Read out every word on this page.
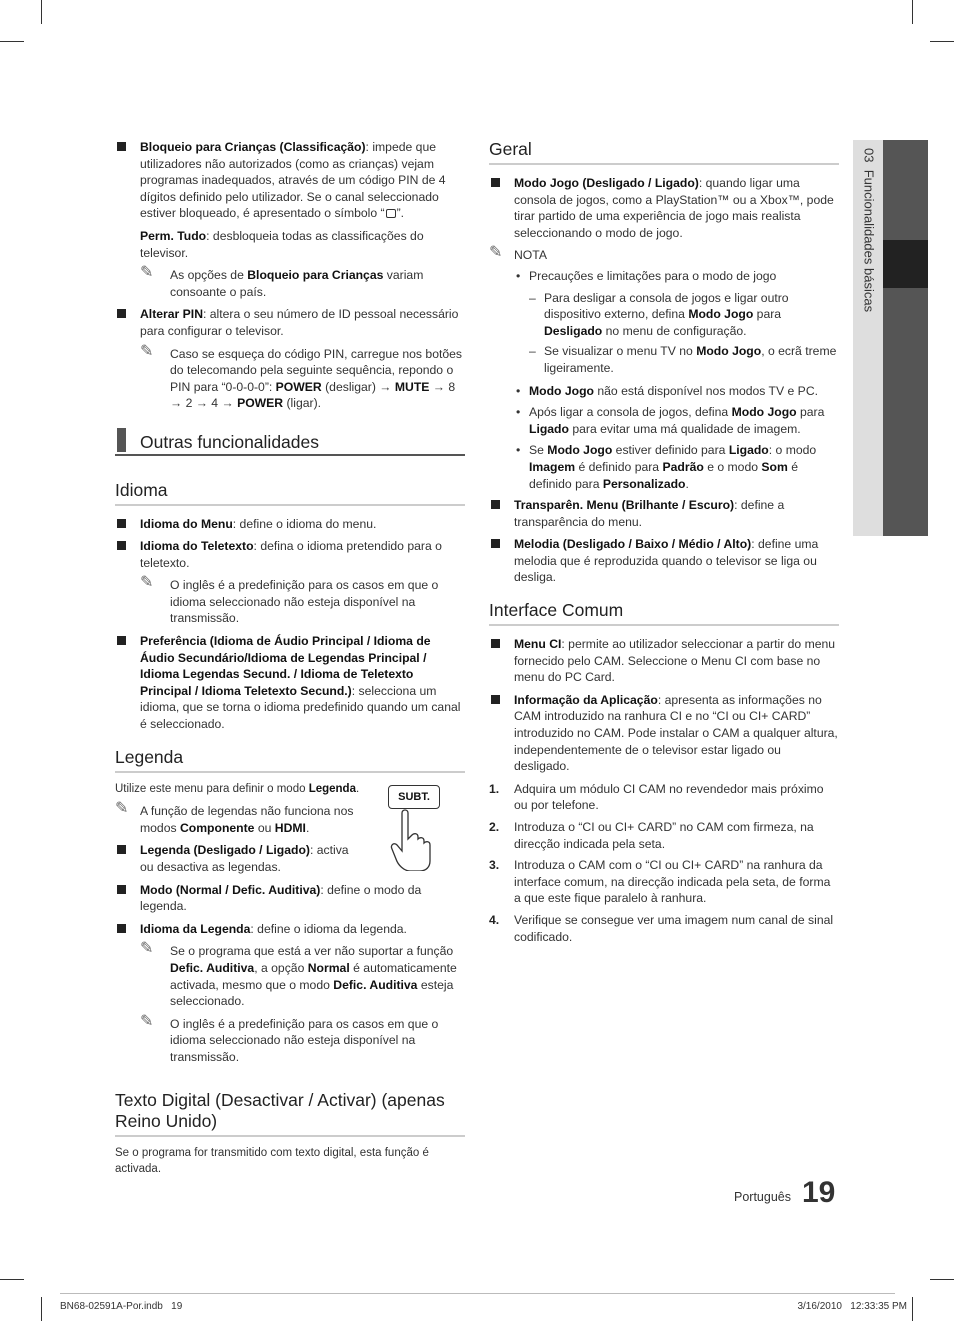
03  Funcionalidades básicas
Bloqueio para Crianças (Classificação): impede que utilizadores não autorizados (como as crianças) vejam programas inadequados, através de um código PIN de 4 dígitos definido pelo utilizador. Se o canal seleccionado estiver bloqueado, é apresentado o símbolo “ ”.
Perm. Tudo: desbloqueia todas as classificações do televisor.
✎ As opções de Bloqueio para Crianças variam consoante o país.
Alterar PIN: altera o seu número de ID pessoal necessário para configurar o televisor.
✎ Caso se esqueça do código PIN, carregue nos botões do telecomando pela seguinte sequência, repondo o PIN para “0-0-0-0”: POWER (desligar) → MUTE → 8 → 2 → 4 → POWER (ligar).
Outras funcionalidades
Idioma
Idioma do Menu: define o idioma do menu.
Idioma do Teletexto: defina o idioma pretendido para o teletexto.
✎ O inglês é a predefinição para os casos em que o idioma seleccionado não esteja disponível na transmissão.
Preferência (Idioma de Áudio Principal / Idioma de Áudio Secundário/Idioma de Legendas Principal / Idioma Legendas Secund. / Idioma de Teletexto Principal / Idioma Teletexto Secund.): selecciona um idioma, que se torna o idioma predefinido quando um canal é seleccionado.
Legenda
SUBT.
Utilize este menu para definir o modo Legenda.
✎ A função de legendas não funciona nos modos Componente ou HDMI.
Legenda (Desligado / Ligado): activa ou desactiva as legendas.
Modo (Normal / Defic. Auditiva): define o modo da legenda.
Idioma da Legenda: define o idioma da legenda.
✎ Se o programa que está a ver não suportar a função Defic. Auditiva, a opção Normal é automaticamente activada, mesmo que o modo Defic. Auditiva esteja seleccionado.
✎ O inglês é a predefinição para os casos em que o idioma seleccionado não esteja disponível na transmissão.
Texto Digital (Desactivar / Activar) (apenas Reino Unido)
Se o programa for transmitido com texto digital, esta função é activada.
Geral
Modo Jogo (Desligado / Ligado): quando ligar uma consola de jogos, como a PlayStation™ ou a Xbox™, pode tirar partido de uma experiência de jogo mais realista seleccionando o modo de jogo.
✎ NOTA
• Precauções e limitações para o modo de jogo
– Para desligar a consola de jogos e ligar outro dispositivo externo, defina Modo Jogo para Desligado no menu de configuração.
– Se visualizar o menu TV no Modo Jogo, o ecrã treme ligeiramente.
• Modo Jogo não está disponível nos modos TV e PC.
• Após ligar a consola de jogos, defina Modo Jogo para Ligado para evitar uma má qualidade de imagem.
• Se Modo Jogo estiver definido para Ligado: o modo Imagem é definido para Padrão e o modo Som é definido para Personalizado.
Transparên. Menu (Brilhante / Escuro): define a transparência do menu.
Melodia (Desligado / Baixo / Médio / Alto): define uma melodia que é reproduzida quando o televisor se liga ou desliga.
Interface Comum
Menu CI: permite ao utilizador seleccionar a partir do menu fornecido pelo CAM. Seleccione o Menu CI com base no menu do PC Card.
Informação da Aplicação: apresenta as informações no CAM introduzido na ranhura CI e no “CI ou CI+ CARD” introduzido no CAM. Pode instalar o CAM a qualquer altura, independentemente de o televisor estar ligado ou desligado.
1. Adquira um módulo CI CAM no revendedor mais próximo ou por telefone.
2. Introduza o “CI ou CI+ CARD” no CAM com firmeza, na direcção indicada pela seta.
3. Introduza o CAM com o “CI ou CI+ CARD” na ranhura da interface comum, na direcção indicada pela seta, de forma a que este fique paralelo à ranhura.
4. Verifique se consegue ver uma imagem num canal de sinal codificado.
Português 19
BN68-02591A-Por.indb   19	3/16/2010   12:33:35 PM
